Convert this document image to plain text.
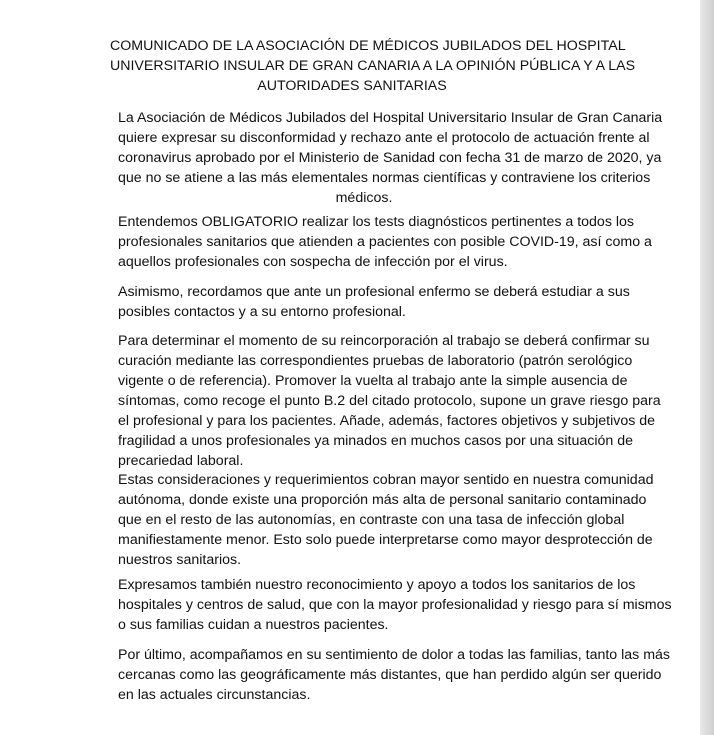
COMUNICADO DE LA ASOCIACIÓN DE MÉDICOS JUBILADOS DEL HOSPITAL
UNIVERSITARIO INSULAR DE GRAN CANARIA A LA OPINIÓN PÚBLICA Y A LAS
AUTORIDADES SANITARIAS
La Asociación de Médicos Jubilados del Hospital Universitario Insular de Gran Canaria
quiere expresar su disconformidad y rechazo ante el protocolo de actuación frente al
coronavirus aprobado por el Ministerio de Sanidad con fecha 31 de marzo de 2020, ya
que no se atiene a las más elementales normas científicas y contraviene los criterios
médicos.
Entendemos OBLIGATORIO realizar los tests diagnósticos pertinentes a todos los
profesionales sanitarios que atienden a pacientes con posible COVID-19, así como a
aquellos profesionales con sospecha de infección por el virus.
Asimismo, recordamos que ante un profesional enfermo se deberá estudiar a sus
posibles contactos y a su entorno profesional.
Para determinar el momento de su reincorporación al trabajo se deberá confirmar su
curación mediante las correspondientes pruebas de laboratorio (patrón serológico
vigente o de referencia). Promover la vuelta al trabajo ante la simple ausencia de
síntomas, como recoge el punto B.2 del citado protocolo, supone un grave riesgo para
el profesional y para los pacientes. Añade, además, factores objetivos y subjetivos de
fragilidad a unos profesionales ya minados en muchos casos por una situación de
precariedad laboral.
Estas consideraciones y requerimientos cobran mayor sentido en nuestra comunidad
autónoma, donde existe una proporción más alta de personal sanitario contaminado
que en el resto de las autonomías, en contraste con una tasa de infección global
manifiestamente menor. Esto solo puede interpretarse como mayor desprotección de
nuestros sanitarios.
Expresamos también nuestro reconocimiento y apoyo a todos los sanitarios de los
hospitales y centros de salud, que con la mayor profesionalidad y riesgo para sí mismos
o sus familias cuidan a nuestros pacientes.
Por último, acompañamos en su sentimiento de dolor a todas las familias, tanto las más
cercanas como las geográficamente más distantes, que han perdido algún ser querido
en las actuales circunstancias.
